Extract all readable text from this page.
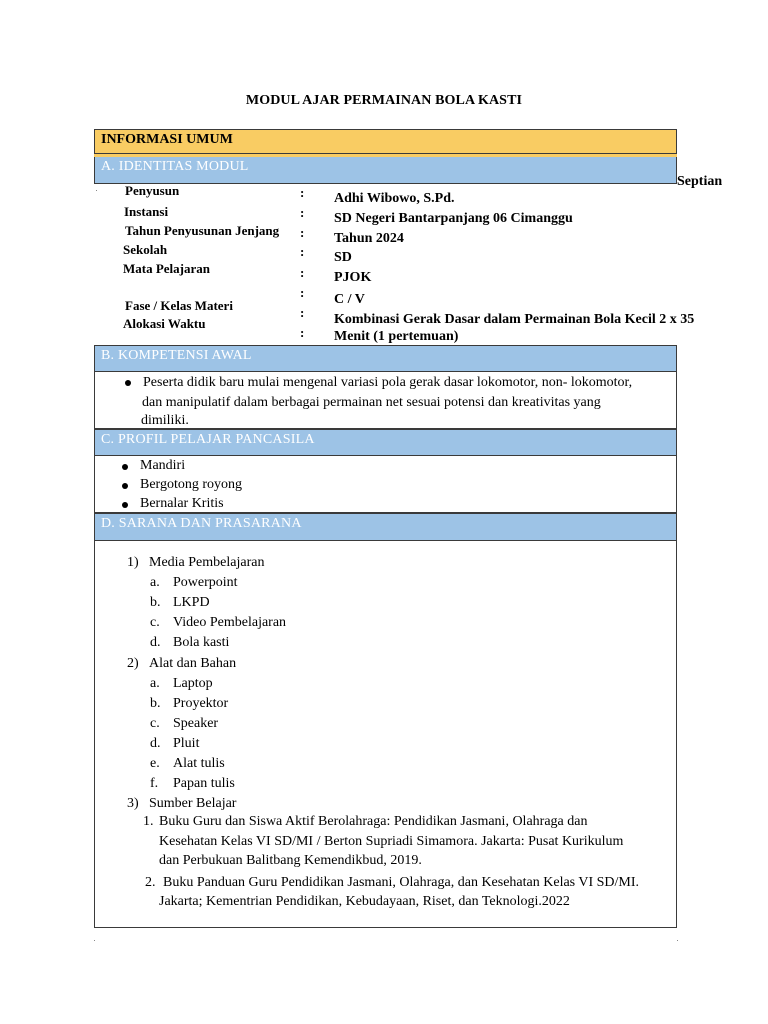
MODUL AJAR PERMAINAN BOLA KASTI
INFORMASI UMUM
A. IDENTITAS MODUL
Septian
Penyusun
Instansi
Tahun Penyusunan Jenjang
Sekolah
Mata Pelajaran
Fase / Kelas Materi
Alokasi Waktu
:
:
:
:
:
:
:
:
Adhi Wibowo, S.Pd.
SD Negeri Bantarpanjang 06 Cimanggu
Tahun 2024
SD
PJOK
C / V
Kombinasi Gerak Dasar dalam Permainan Bola Kecil 2 x 35
Menit (1 pertemuan)
B. KOMPETENSI AWAL
Peserta didik baru mulai mengenal variasi pola gerak dasar lokomotor, non- lokomotor,
dan manipulatif dalam berbagai permainan net sesuai potensi dan kreativitas yang
dimiliki.
C. PROFIL PELAJAR PANCASILA
Mandiri
Bergotong royong
Bernalar Kritis
D. SARANA DAN PRASARANA
1) Media Pembelajaran
a. Powerpoint
b. LKPD
c. Video Pembelajaran
d. Bola kasti
2) Alat dan Bahan
a. Laptop
b. Proyektor
c. Speaker
d. Pluit
e. Alat tulis
f. Papan tulis
3) Sumber Belajar
1. Buku Guru dan Siswa Aktif Berolahraga: Pendidikan Jasmani, Olahraga dan
Kesehatan Kelas VI SD/MI / Berton Supriadi Simamora. Jakarta: Pusat Kurikulum
dan Perbukuan Balitbang Kemendikbud, 2019.
2. Buku Panduan Guru Pendidikan Jasmani, Olahraga, dan Kesehatan Kelas VI SD/MI.
Jakarta; Kementrian Pendidikan, Kebudayaan, Riset, dan Teknologi.2022
